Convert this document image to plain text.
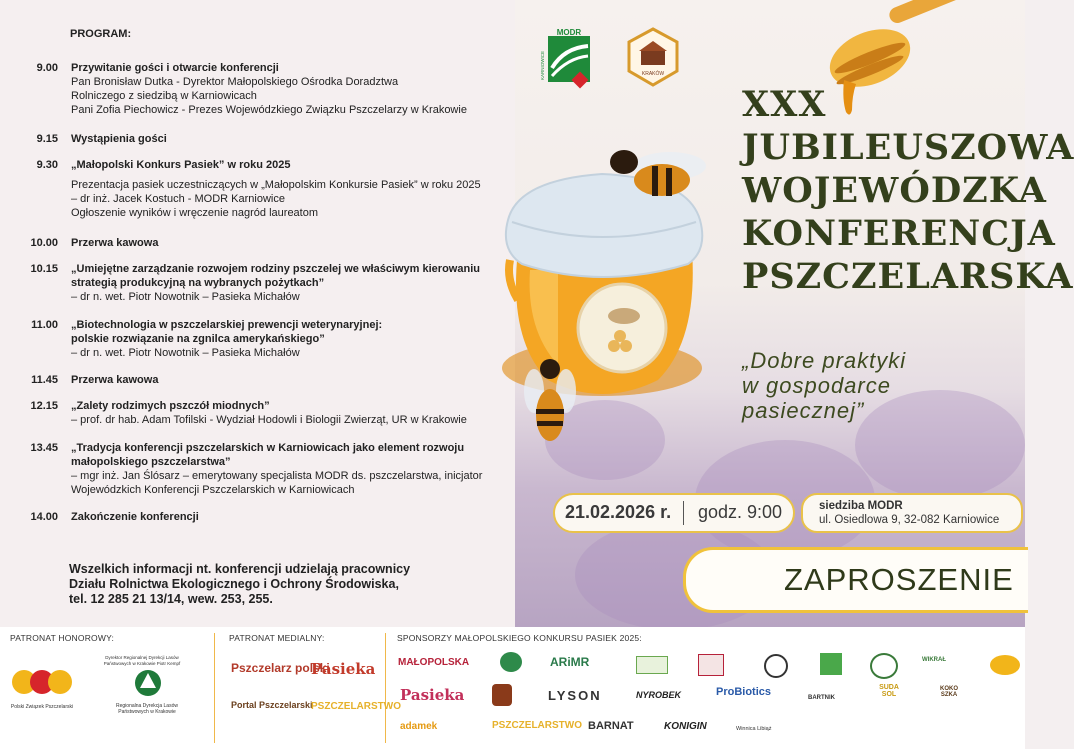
PROGRAM:
9.00 Przywitanie gości i otwarcie konferencji
Pan Bronisław Dutka - Dyrektor Małopolskiego Ośrodka Doradztwa
Rolniczego z siedzibą w Karniowicach
Pani Zofia Piechowicz - Prezes Wojewódzkiego Związku Pszczelarzy w Krakowie
9.15 Wystąpienia gości
9.30 „Małopolski Konkurs Pasiek” w roku 2025
Prezentacja pasiek uczestniczących w „Małopolskim Konkursie Pasiek” w roku 2025
– dr inż. Jacek Kostuch - MODR Karniowice
Ogłoszenie wyników i wręczenie nagród laureatom
10.00 Przerwa kawowa
10.15 „Umiejętne zarządzanie rozwojem rodziny pszczelej we właściwym kierowaniu
strategią produkcyjną na wybranych pożytkach”
– dr n. wet. Piotr Nowotnik – Pasieka Michałów
11.00 „Biotechnologia w pszczelarskiej prewencji weterynaryjnej:
polskie rozwiązanie na zgnilca amerykańskiego”
– dr n. wet. Piotr Nowotnik – Pasieka Michałów
11.45 Przerwa kawowa
12.15 „Zalety rodzimych pszczół miodnych”
– prof. dr hab. Adam Tofilski - Wydział Hodowli i Biologii Zwierząt, UR w Krakowie
13.45 „Tradycja konferencji pszczelarskich w Karniowicach jako element rozwoju
małopolskiego pszczelarstwa”
– mgr inż. Jan Ślósarz – emerytowany specjalista MODR ds. pszczelarstwa, inicjator
Wojewódzkich Konferencji Pszczelarskich w Karniowicach
14.00 Zakończenie konferencji
Wszelkich informacji nt. konferencji udzielają pracownicy
Działu Rolnictwa Ekologicznego i Ochrony Środowiska,
tel. 12 285 21 13/14, wew. 253, 255.
MODR
KARNIOWICE	KRAKÓW
XXX
JUBILEUSZOWA
WOJEWÓDZKA
KONFERENCJA
PSZCZELARSKA
„Dobre praktyki
w gospodarce
pasiecznej”
21.02.2026 r. godz. 9:00	siedziba MODR
ul. Osiedlowa 9, 32-082 Karniowice
ZAPROSZENIE
PATRONAT HONOROWY:	PATRONAT MEDIALNY:	SPONSORZY MAŁOPOLSKIEGO KONKURSU PASIEK 2025:
Polski Związek Pszczelarski
Dyrektor Regionalnej Dyrekcji Lasów Państwowych w Krakowie Piotr Kempf
Regionalna Dyrekcja Lasów Państwowych w Krakowie
Pszczelarz polski
Pasieka
Portal Pszczelarski
PSZCZELARSTWO
MAŁOPOLSKA	ARiMR	WIKRAŁ
Pasieka	LYSON	NYROBEK	ProBiotics	BARTNIK
SUDA SOL
KOKO SZKA
adamek	PSZCZELARSTWO BARNAT	KONIGIN	Winnica Libiąż
